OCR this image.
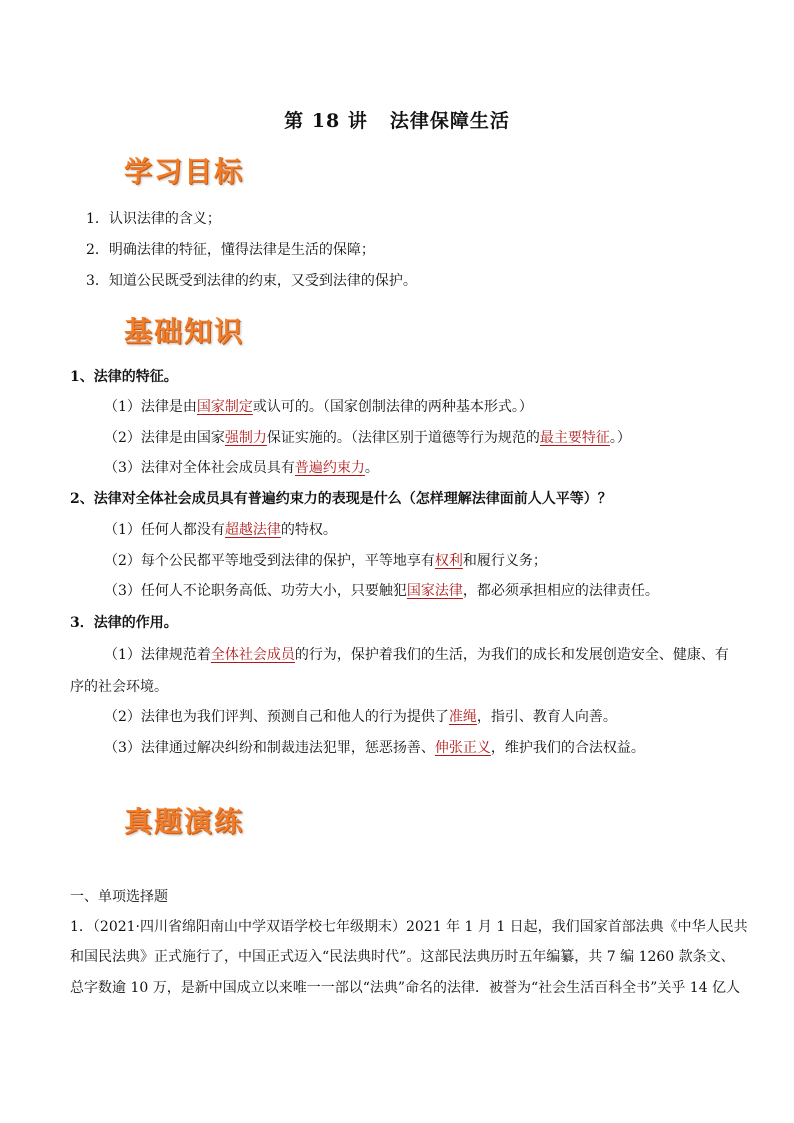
第 18 讲 法律保障生活
学习目标
1．认识法律的含义；
2．明确法律的特征，懂得法律是生活的保障；
3．知道公民既受到法律的约束，又受到法律的保护。
基础知识
1、法律的特征。
（1）法律是由国家制定或认可的。（国家创制法律的两种基本形式。）
（2）法律是由国家强制力保证实施的。（法律区别于道德等行为规范的最主要特征。）
（3）法律对全体社会成员具有普遍约束力。
2、法律对全体社会成员具有普遍约束力的表现是什么（怎样理解法律面前人人平等）？
（1）任何人都没有超越法律的特权。
（2）每个公民都平等地受到法律的保护，平等地享有权利和履行义务；
（3）任何人不论职务高低、功劳大小，只要触犯国家法律，都必须承担相应的法律责任。
3．法律的作用。
（1）法律规范着全体社会成员的行为，保护着我们的生活，为我们的成长和发展创造安全、健康、有
序的社会环境。
（2）法律也为我们评判、预测自己和他人的行为提供了准绳，指引、教育人向善。
（3）法律通过解决纠纷和制裁违法犯罪，惩恶扬善、伸张正义，维护我们的合法权益。
真题演练
一、单项选择题
1．（2021·四川省绵阳南山中学双语学校七年级期末）2021 年 1 月 1 日起，我们国家首部法典《中华人民共
和国民法典》正式施行了，中国正式迈入“民法典时代”。这部民法典历时五年编纂，共 7 编 1260 款条文、
总字数逾 10 万，是新中国成立以来唯一一部以“法典”命名的法律．被誉为“社会生活百科全书”关乎 14 亿人
